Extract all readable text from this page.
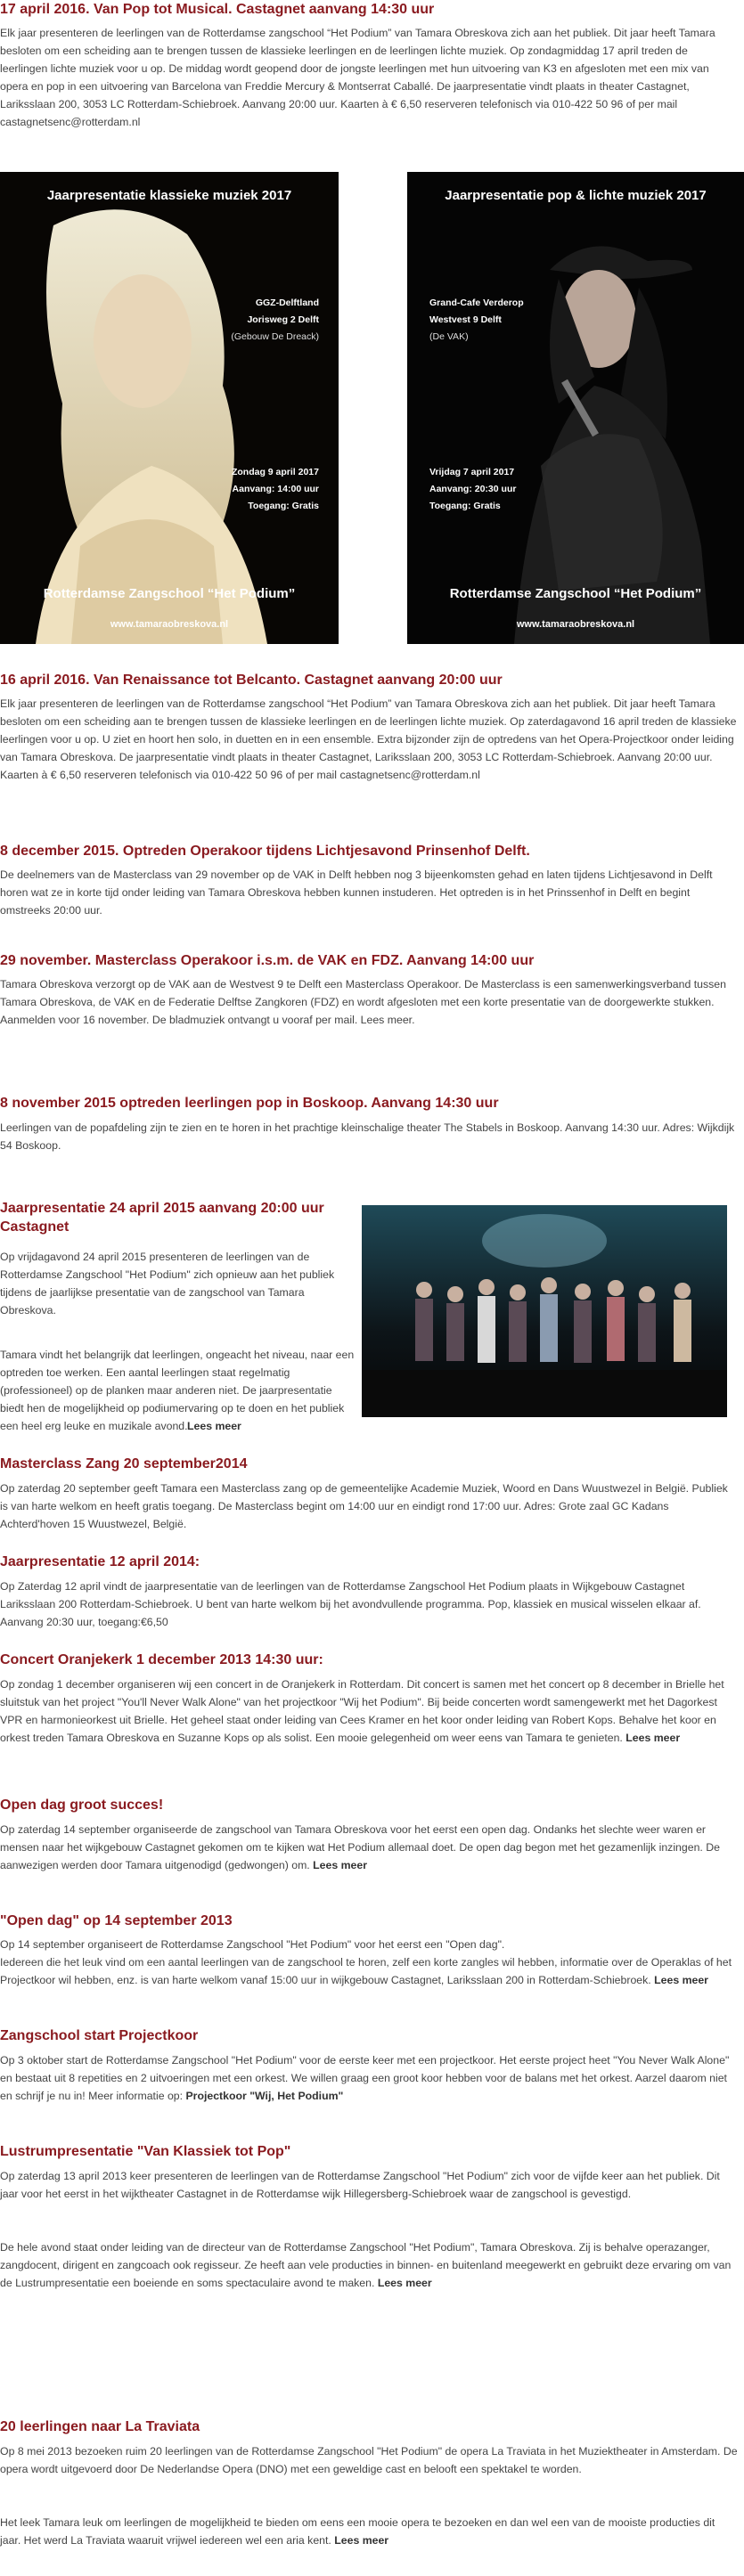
17 april 2016. Van Pop tot Musical. Castagnet aanvang 14:30 uur

Elk jaar presenteren de leerlingen van de Rotterdamse zangschool “Het Podium” van Tamara Obreskova zich aan het publiek. Dit jaar heeft Tamara besloten om een scheiding aan te brengen tussen de klassieke leerlingen en de leerlingen lichte muziek. Op zondagmiddag 17 april treden de leerlingen lichte muziek voor u op. De middag wordt geopend door de jongste leerlingen met hun uitvoering van K3 en afgesloten met een mix van opera en pop in een uitvoering van Barcelona van Freddie Mercury & Montserrat Caballé. De jaarpresentatie vindt plaats in theater Castagnet, Lariksslaan 200, 3053 LC Rotterdam-Schiebroek. Aanvang 20:00 uur. Kaarten à € 6,50 reserveren telefonisch via 010-422 50 96 of per mail castagnetsenc@rotterdam.nl

Jaarpresentatie klassieke muziek 2017
GGZ-Delftland
Jorisweg 2 Delft
(Gebouw De Dreack)
Zondag 9 april 2017
Aanvang: 14:00 uur
Toegang: Gratis
Rotterdamse Zangschool “Het Podium”
www.tamaraobreskova.nl
Jaarpresentatie pop & lichte muziek 2017
Grand-Cafe Verderop
Westvest 9 Delft
(De VAK)
Vrijdag 7 april 2017
Aanvang: 20:30 uur
Toegang: Gratis
Rotterdamse Zangschool “Het Podium”
www.tamaraobreskova.nl
16 april 2016. Van Renaissance tot Belcanto. Castagnet aanvang 20:00 uur

Elk jaar presenteren de leerlingen van de Rotterdamse zangschool “Het Podium” van Tamara Obreskova zich aan het publiek. Dit jaar heeft Tamara besloten om een scheiding aan te brengen tussen de klassieke leerlingen en de leerlingen lichte muziek. Op zaterdagavond 16 april treden de klassieke leerlingen voor u op. U ziet en hoort hen solo, in duetten en in een ensemble. Extra bijzonder zijn de optredens van het Opera-Projectkoor onder leiding van Tamara Obreskova. De jaarpresentatie vindt plaats in theater Castagnet, Lariksslaan 200, 3053 LC Rotterdam-Schiebroek. Aanvang 20:00 uur. Kaarten à € 6,50 reserveren telefonisch via 010-422 50 96 of per mail castagnetsenc@rotterdam.nl

8 december 2015. Optreden Operakoor tijdens Lichtjesavond Prinsenhof Delft.

De deelnemers van de Masterclass van 29 november op de VAK in Delft hebben nog 3 bijeenkomsten gehad en laten tijdens Lichtjesavond in Delft horen wat ze in korte tijd onder leiding van Tamara Obreskova hebben kunnen instuderen. Het optreden is in het Prinssenhof in Delft en begint omstreeks 20:00 uur.

29 november. Masterclass Operakoor i.s.m. de VAK en FDZ. Aanvang 14:00 uur

Tamara Obreskova verzorgt op de VAK aan de Westvest 9 te Delft een Masterclass Operakoor. De Masterclass is een samenwerkingsverband tussen Tamara Obreskova, de VAK en de Federatie Delftse Zangkoren (FDZ) en wordt afgesloten met een korte presentatie van de doorgewerkte stukken. Aanmelden voor 16 november. De bladmuziek ontvangt u vooraf per mail. Lees meer.

8 november 2015 optreden leerlingen pop in Boskoop. Aanvang 14:30 uur

Leerlingen van de popafdeling zijn te zien en te horen in het prachtige kleinschalige theater The Stabels in Boskoop. Aanvang 14:30 uur. Adres: Wijkdijk 54 Boskoop.

Jaarpresentatie 24 april 2015 aanvang 20:00 uur Castagnet

Op vrijdagavond 24 april 2015 presenteren de leerlingen van de Rotterdamse Zangschool "Het Podium" zich opnieuw aan het publiek tijdens de jaarlijkse presentatie van de zangschool van Tamara Obreskova.

Tamara vindt het belangrijk dat leerlingen, ongeacht het niveau, naar een optreden toe werken. Een aantal leerlingen staat regelmatig (professioneel) op de planken maar anderen niet. De jaarpresentatie biedt hen de mogelijkheid op podiumervaring op te doen en het publiek een heel erg leuke en muzikale avond. Lees meer

Masterclass Zang 20 september2014

Op zaterdag 20 september geeft Tamara een Masterclass zang op de gemeentelijke Academie Muziek, Woord en Dans Wuustwezel in België. Publiek is van harte welkom en heeft gratis toegang. De Masterclass begint om 14:00 uur en eindigt rond 17:00 uur. Adres: Grote zaal GC Kadans Achterd'hoven 15 Wuustwezel, België.

Jaarpresentatie 12 april 2014:

Op Zaterdag 12 april vindt de jaarpresentatie van de leerlingen van de Rotterdamse Zangschool Het Podium plaats in Wijkgebouw Castagnet Lariksslaan 200 Rotterdam-Schiebroek. U bent van harte welkom bij het avondvullende programma. Pop, klassiek en musical wisselen elkaar af. Aanvang 20:30 uur, toegang:€6,50

Concert Oranjekerk 1 december 2013 14:30 uur:

Op zondag 1 december organiseren wij een concert in de Oranjekerk in Rotterdam. Dit concert is samen met het concert op 8 december in Brielle het sluitstuk van het project "You'll Never Walk Alone" van het projectkoor "Wij het Podium". Bij beide concerten wordt samengewerkt met het Dagorkest VPR en harmonieorkest uit Brielle. Het geheel staat onder leiding van Cees Kramer en het koor onder leiding van Robert Kops. Behalve het koor en orkest treden Tamara Obreskova en Suzanne Kops op als solist. Een mooie gelegenheid om weer eens van Tamara te genieten. Lees meer

Open dag groot succes!

Op zaterdag 14 september organiseerde de zangschool van Tamara Obreskova voor het eerst een open dag. Ondanks het slechte weer waren er mensen naar het wijkgebouw Castagnet gekomen om te kijken wat Het Podium allemaal doet. De open dag begon met het gezamenlijk inzingen. De aanwezigen werden door Tamara uitgenodigd (gedwongen) om. Lees meer

"Open dag" op 14 september 2013

Op 14 september organiseert de Rotterdamse Zangschool "Het Podium" voor het eerst een "Open dag".

Iedereen die het leuk vind om een aantal leerlingen van de zangschool te horen, zelf een korte zangles wil hebben, informatie over de Operaklas of het Projectkoor wil hebben, enz. is van harte welkom vanaf 15:00 uur in wijkgebouw Castagnet, Lariksslaan 200 in Rotterdam-Schiebroek. Lees meer

Zangschool start Projectkoor

Op 3 oktober start de Rotterdamse Zangschool "Het Podium" voor de eerste keer met een projectkoor. Het eerste project heet "You Never Walk Alone" en bestaat uit 8 repetities en 2 uitvoeringen met een orkest. We willen graag een groot koor hebben voor de balans met het orkest. Aarzel daarom niet en schrijf je nu in! Meer informatie op: Projectkoor "Wij, Het Podium"

Lustrumpresentatie "Van Klassiek tot Pop"

Op zaterdag 13 april 2013 keer presenteren de leerlingen van de Rotterdamse Zangschool "Het Podium" zich voor de vijfde keer aan het publiek. Dit jaar voor het eerst in het wijktheater Castagnet in de Rotterdamse wijk Hillegersberg-Schiebroek waar de zangschool is gevestigd.

De hele avond staat onder leiding van de directeur van de Rotterdamse Zangschool "Het Podium", Tamara Obreskova. Zij is behalve operazanger, zangdocent, dirigent en zangcoach ook regisseur. Ze heeft aan vele producties in binnen- en buitenland meegewerkt en gebruikt deze ervaring om van de Lustrumpresentatie een boeiende en soms spectaculaire avond te maken. Lees meer

20 leerlingen naar La Traviata

Op 8 mei 2013 bezoeken ruim 20 leerlingen van de Rotterdamse Zangschool "Het Podium" de opera La Traviata in het Muziektheater in Amsterdam. De opera wordt uitgevoerd door De Nederlandse Opera (DNO) met een geweldige cast en belooft een spektakel te worden.

Het leek Tamara leuk om leerlingen de mogelijkheid te bieden om eens een mooie opera te bezoeken en dan wel een van de mooiste producties dit jaar. Het werd La Traviata waaruit vrijwel iedereen wel een aria kent. Lees meer
